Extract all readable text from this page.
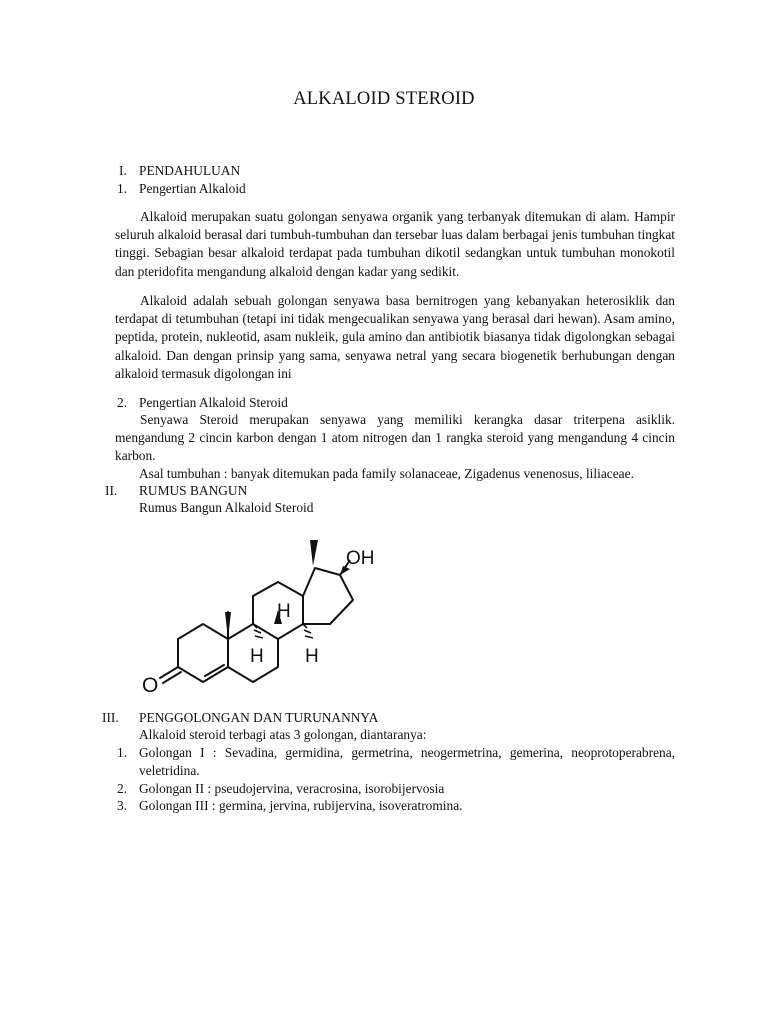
ALKALOID STEROID
I. PENDAHULUAN
1. Pengertian Alkaloid

Alkaloid merupakan suatu golongan senyawa organik yang terbanyak ditemukan di alam. Hampir seluruh alkaloid berasal dari tumbuh-tumbuhan dan tersebar luas dalam berbagai jenis tumbuhan tingkat tinggi. Sebagian besar alkaloid terdapat pada tumbuhan dikotil sedangkan untuk tumbuhan monokotil dan pteridofita mengandung alkaloid dengan kadar yang sedikit.

Alkaloid adalah sebuah golongan senyawa basa bernitrogen yang kebanyakan heterosiklik dan terdapat di tetumbuhan (tetapi ini tidak mengecualikan senyawa yang berasal dari hewan). Asam amino, peptida, protein, nukleotid, asam nukleik, gula amino dan antibiotik biasanya tidak digolongkan sebagai alkaloid. Dan dengan prinsip yang sama, senyawa netral yang secara biogenetik berhubungan dengan alkaloid termasuk digolongan ini

2. Pengertian Alkaloid Steroid

Senyawa Steroid merupakan senyawa yang memiliki kerangka dasar triterpena asiklik. mengandung 2 cincin karbon dengan 1 atom nitrogen dan 1 rangka steroid yang mengandung 4 cincin karbon.

Asal tumbuhan : banyak ditemukan pada family solanaceae, Zigadenus venenosus, liliaceae.
II. RUMUS BANGUN
Rumus Bangun Alkaloid Steroid
OH
H
H H
O
III. PENGGOLONGAN DAN TURUNANNYA
Alkaloid steroid terbagi atas 3 golongan, diantaranya:
1. Golongan I : Sevadina, germidina, germetrina, neogermetrina, gemerina, neoprotoperabrena, veletridina.

2. Golongan II : pseudojervina, veracrosina, isorobijervosia
3. Golongan III : germina, jervina, rubijervina, isoveratromina.
